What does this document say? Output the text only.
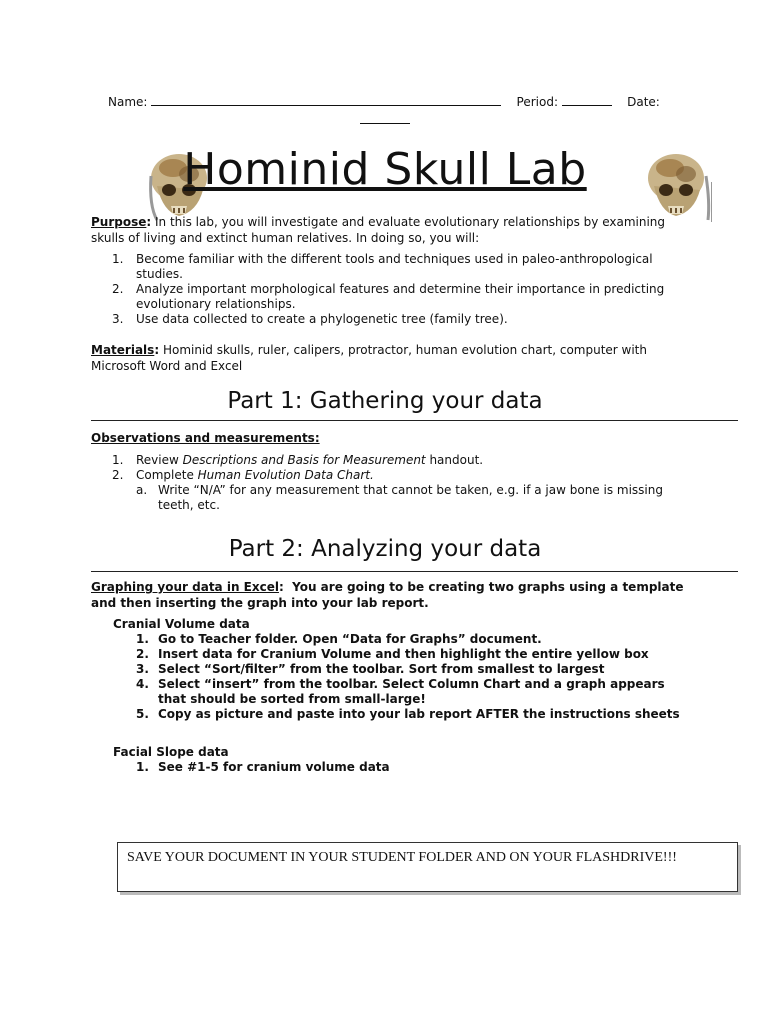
Name:	Period:	Date:
Hominid Skull Lab
Purpose: In this lab, you will investigate and evaluate evolutionary relationships by examining skulls of living and extinct human relatives. In doing so, you will:
1. Become familiar with the different tools and techniques used in paleo-anthropological studies.
2. Analyze important morphological features and determine their importance in predicting evolutionary relationships.
3. Use data collected to create a phylogenetic tree (family tree).
Materials: Hominid skulls, ruler, calipers, protractor, human evolution chart, computer with Microsoft Word and Excel
Part 1: Gathering your data
Observations and measurements:
1. Review Descriptions and Basis for Measurement handout.
2. Complete Human Evolution Data Chart.
a. Write “N/A” for any measurement that cannot be taken, e.g. if a jaw bone is missing teeth, etc.
Part 2: Analyzing your data
Graphing your data in Excel:  You are going to be creating two graphs using a template and then inserting the graph into your lab report.
Cranial Volume data
1. Go to Teacher folder. Open “Data for Graphs” document.
2. Insert data for Cranium Volume and then highlight the entire yellow box
3. Select “Sort/filter” from the toolbar. Sort from smallest to largest
4. Select “insert” from the toolbar. Select Column Chart and a graph appears that should be sorted from small-large!
5. Copy as picture and paste into your lab report AFTER the instructions sheets
Facial Slope data
1. See #1-5 for cranium volume data
SAVE YOUR DOCUMENT IN YOUR STUDENT FOLDER AND ON YOUR FLASHDRIVE!!!
